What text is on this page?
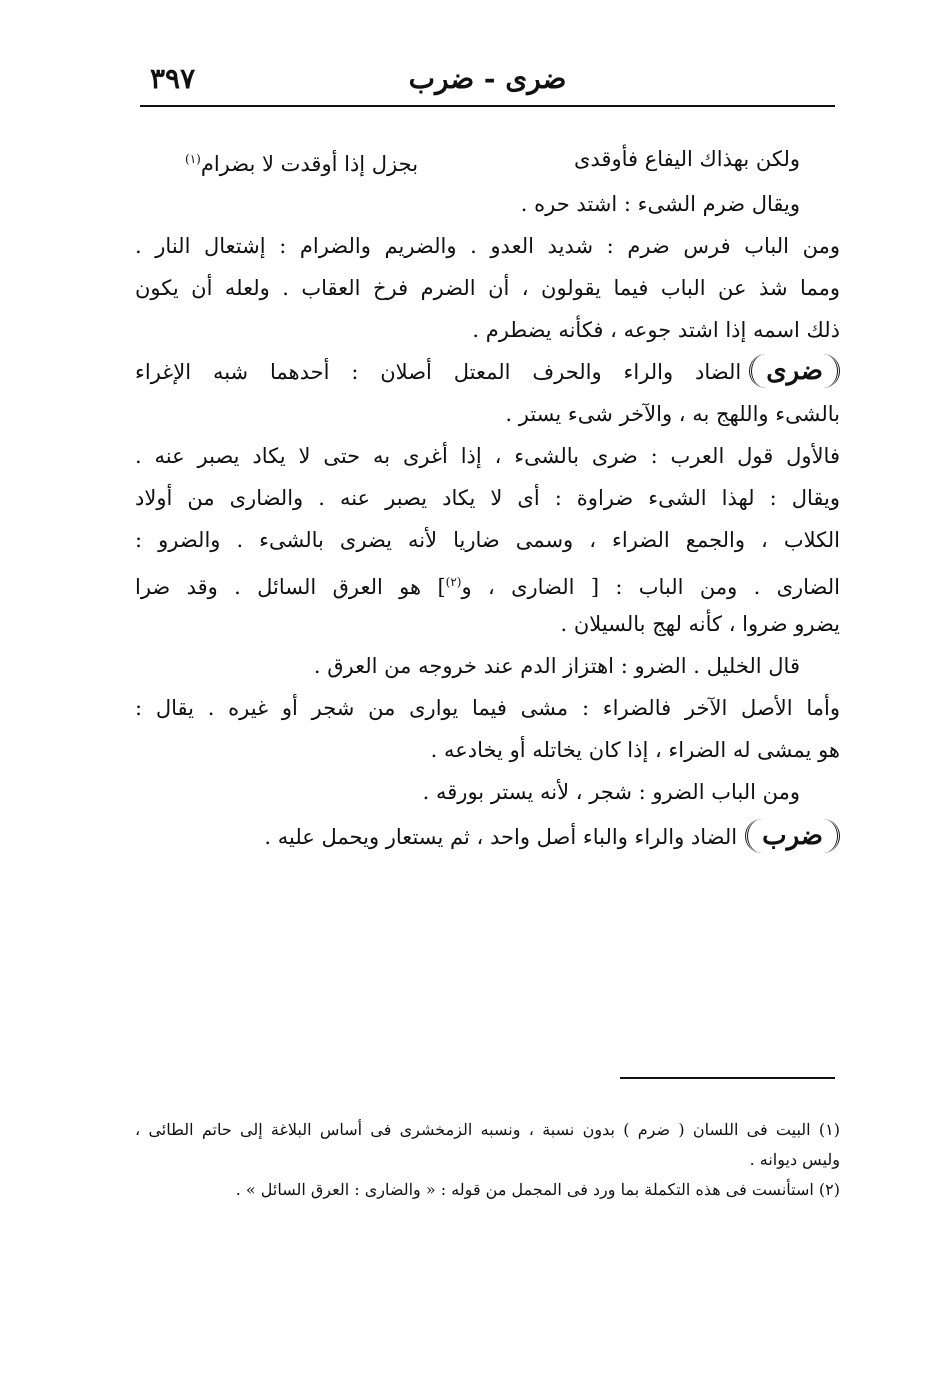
٣٩٧	ضرى - ضرب
ولكن بهذاك اليفاع فأوقدى
بجزل إذا أوقدت لا بضرام$^{(١)}$
ويقال ضرم الشىء : اشتد حره .
ومن الباب فرس ضرم : شديد العدو . والضريم والضرام : إشتعال النار .
ومما شذ عن الباب فيما يقولون ، أن الضرم فرخ العقاب . ولعله أن يكون
ذلك اسمه إذا اشتد جوعه ، فكأنه يضطرم .
ضرىالضاد والراء والحرف المعتل أصلان : أحدهما شبه الإغراء
بالشىء واللهج به ، والآخر شىء يستر .
فالأول قول العرب : ضرى بالشىء ، إذا أغرى به حتى لا يكاد يصبر عنه .
ويقال : لهذا الشىء ضراوة : أى لا يكاد يصبر عنه . والضارى من أولاد
الكلاب ، والجمع الضراء ، وسمى ضاريا لأنه يضرى بالشىء . والضرو :
الضارى . ومن الباب : [ الضارى ، و$^{(٢)}$] هو العرق السائل . وقد ضرا
يضرو ضروا ، كأنه لهج بالسيلان .
قال الخليل . الضرو : اهتزاز الدم عند خروجه من العرق .
وأما الأصل الآخر فالضراء : مشى فيما يوارى من شجر أو غيره . يقال :
هو يمشى له الضراء ، إذا كان يخاتله أو يخادعه .
ومن الباب الضرو : شجر ، لأنه يستر بورقه .
ضربالضاد والراء والباء أصل واحد ، ثم يستعار ويحمل عليه .
(١) البيت فى اللسان ( ضرم ) بدون نسبة ، ونسبه الزمخشرى فى أساس البلاغة إلى حاتم الطائى ،
وليس ديوانه .
(٢) استأنست فى هذه التكملة بما ورد فى المجمل من قوله : « والضارى : العرق السائل » .
